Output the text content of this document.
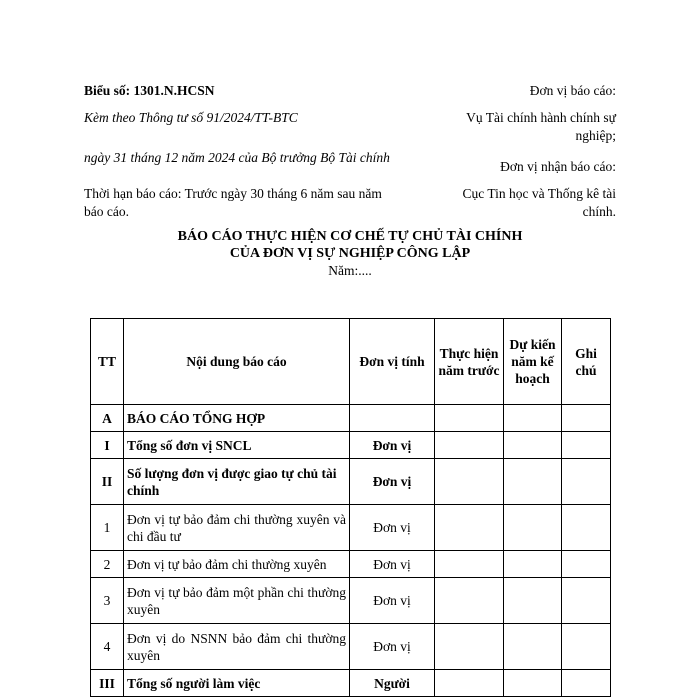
Biểu số: 1301.N.HCSN	Đơn vị báo cáo:
Kèm theo Thông tư số 91/2024/TT-BTC	Vụ Tài chính hành chính sự nghiệp;
ngày 31 tháng 12 năm 2024 của Bộ trưởng Bộ Tài chính
Đơn vị nhận báo cáo:
Thời hạn báo cáo: Trước ngày 30 tháng 6 năm sau năm báo cáo.
Cục Tin học và Thống kê tài chính.
BÁO CÁO THỰC HIỆN CƠ CHẾ TỰ CHỦ TÀI CHÍNH
CỦA ĐƠN VỊ SỰ NGHIỆP CÔNG LẬP
Năm:....
TT	Nội dung báo cáo	Đơn vị tính	Thực hiện năm trước	Dự kiến năm kế hoạch	Ghi chú
A	BÁO CÁO TỔNG HỢP				
I	Tổng số đơn vị SNCL	Đơn vị			
II	Số lượng đơn vị được giao tự chủ tài chính	Đơn vị			
1	Đơn vị tự bảo đảm chi thường xuyên và chi đầu tư	Đơn vị			
2	Đơn vị tự bảo đảm chi thường xuyên	Đơn vị			
3	Đơn vị tự bảo đảm một phần chi thường xuyên	Đơn vị			
4	Đơn vị do NSNN bảo đảm chi thường xuyên	Đơn vị			
III	Tổng số người làm việc	Người			
